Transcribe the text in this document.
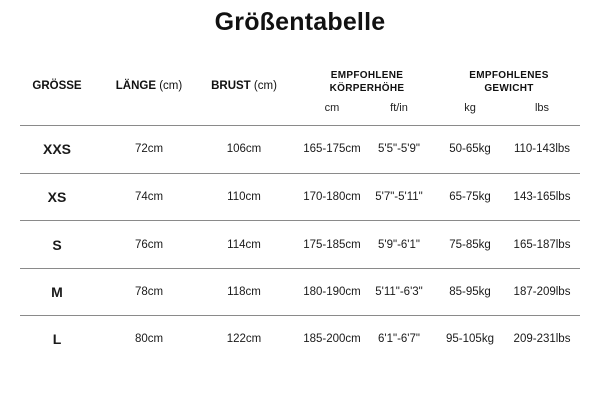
Größentabelle
GRÖSSE	LÄNGE (cm)	BRUST (cm)
EMPFOHLENE
KÖRPERHÖHE
EMPFOHLENES
GEWICHT
cm	ft/in	kg	lbs
XXS	72cm	106cm	165-175cm 5'5"-5'9"	50-65kg 110-143lbs
XS	74cm	110cm	170-180cm 5'7"-5'11" 65-75kg 143-165lbs
S	76cm	114cm	175-185cm 5'9"-6'1"	75-85kg 165-187lbs
M	78cm	118cm	180-190cm 5'11"-6'3" 85-95kg 187-209lbs
L	80cm	122cm	185-200cm 6'1"-6'7" 95-105kg 209-231lbs
